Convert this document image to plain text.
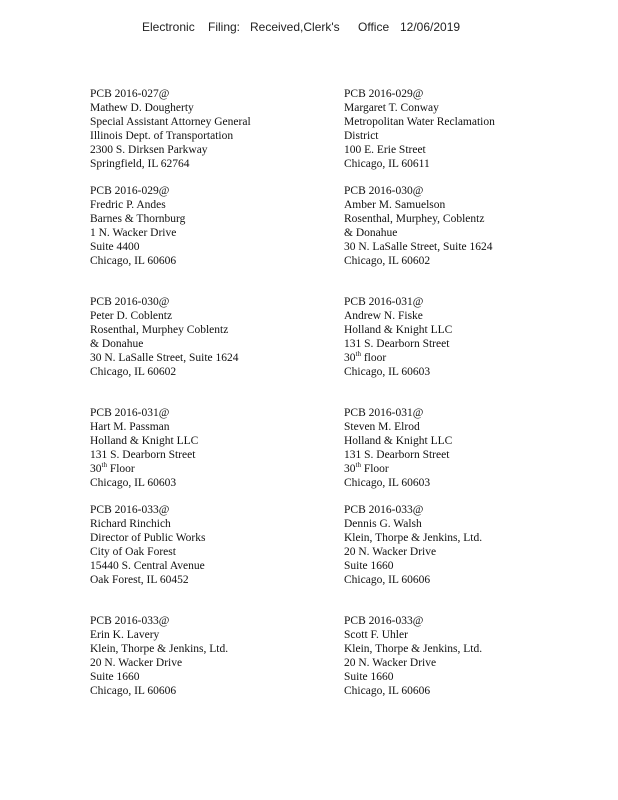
Electronic Filing: Received,Clerk's Office 12/06/2019
PCB 2016-027@
Mathew D. Dougherty
Special Assistant Attorney General
Illinois Dept. of Transportation
2300 S. Dirksen Parkway
Springfield, IL 62764
PCB 2016-029@
Margaret T. Conway
Metropolitan Water Reclamation
District
100 E. Erie Street
Chicago, IL 60611
PCB 2016-029@
Fredric P. Andes
Barnes & Thornburg
1 N. Wacker Drive
Suite 4400
Chicago, IL 60606
PCB 2016-030@
Amber M. Samuelson
Rosenthal, Murphey, Coblentz
& Donahue
30 N. LaSalle Street, Suite 1624
Chicago, IL 60602
PCB 2016-030@
Peter D. Coblentz
Rosenthal, Murphey Coblentz
& Donahue
30 N. LaSalle Street, Suite 1624
Chicago, IL 60602
PCB 2016-031@
Andrew N. Fiske
Holland & Knight LLC
131 S. Dearborn Street
30th floor
Chicago, IL 60603
PCB 2016-031@
Hart M. Passman
Holland & Knight LLC
131 S. Dearborn Street
30th Floor
Chicago, IL 60603
PCB 2016-031@
Steven M. Elrod
Holland & Knight LLC
131 S. Dearborn Street
30th Floor
Chicago, IL 60603
PCB 2016-033@
Richard Rinchich
Director of Public Works
City of Oak Forest
15440 S. Central Avenue
Oak Forest, IL 60452
PCB 2016-033@
Dennis G. Walsh
Klein, Thorpe & Jenkins, Ltd.
20 N. Wacker Drive
Suite 1660
Chicago, IL 60606
PCB 2016-033@
Erin K. Lavery
Klein, Thorpe & Jenkins, Ltd.
20 N. Wacker Drive
Suite 1660
Chicago, IL 60606
PCB 2016-033@
Scott F. Uhler
Klein, Thorpe & Jenkins, Ltd.
20 N. Wacker Drive
Suite 1660
Chicago, IL 60606
